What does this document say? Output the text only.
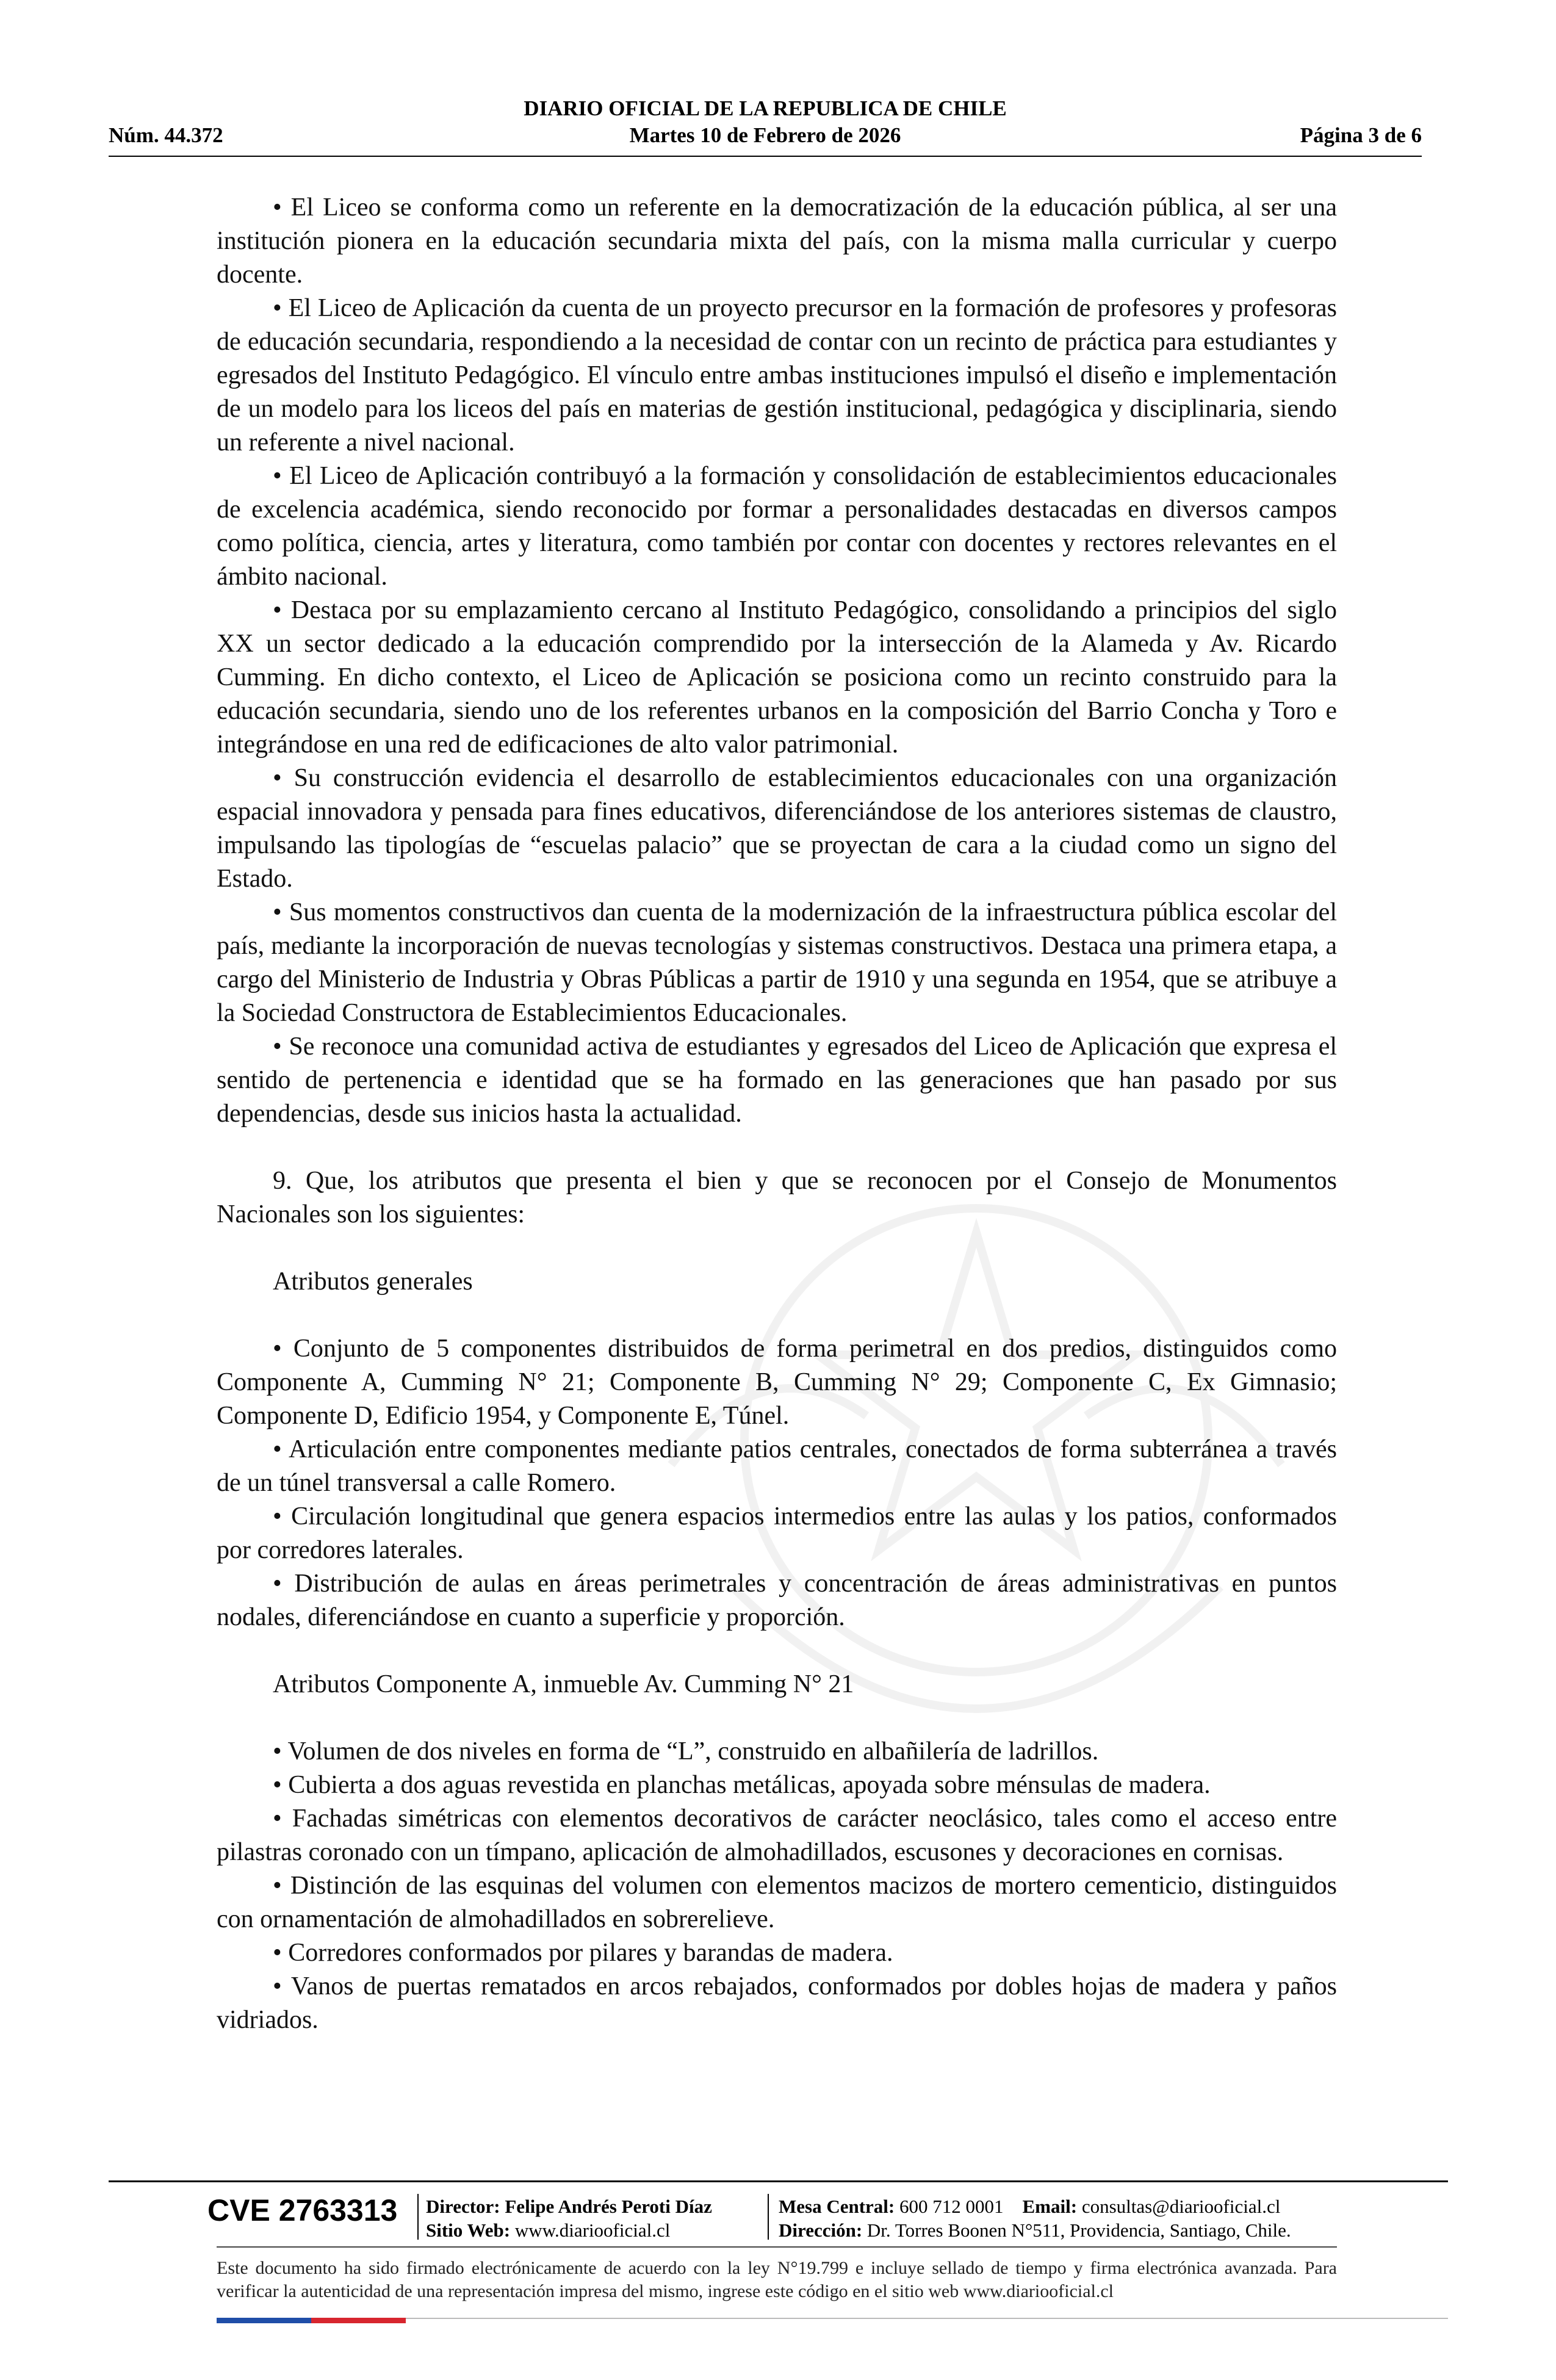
DIARIO OFICIAL DE LA REPUBLICA DE CHILE
Núm. 44.372	Martes 10 de Febrero de 2026	Página 3 de 6

• El Liceo se conforma como un referente en la democratización de la educación pública, al ser una institución pionera en la educación secundaria mixta del país, con la misma malla curricular y cuerpo docente.

• El Liceo de Aplicación da cuenta de un proyecto precursor en la formación de profesores y profesoras de educación secundaria, respondiendo a la necesidad de contar con un recinto de práctica para estudiantes y egresados del Instituto Pedagógico. El vínculo entre ambas instituciones impulsó el diseño e implementación de un modelo para los liceos del país en materias de gestión institucional, pedagógica y disciplinaria, siendo un referente a nivel nacional.

• El Liceo de Aplicación contribuyó a la formación y consolidación de establecimientos educacionales de excelencia académica, siendo reconocido por formar a personalidades destacadas en diversos campos como política, ciencia, artes y literatura, como también por contar con docentes y rectores relevantes en el ámbito nacional.

• Destaca por su emplazamiento cercano al Instituto Pedagógico, consolidando a principios del siglo XX un sector dedicado a la educación comprendido por la intersección de la Alameda y Av. Ricardo Cumming. En dicho contexto, el Liceo de Aplicación se posiciona como un recinto construido para la educación secundaria, siendo uno de los referentes urbanos en la composición del Barrio Concha y Toro e integrándose en una red de edificaciones de alto valor patrimonial.

• Su construcción evidencia el desarrollo de establecimientos educacionales con una organización espacial innovadora y pensada para fines educativos, diferenciándose de los anteriores sistemas de claustro, impulsando las tipologías de “escuelas palacio” que se proyectan de cara a la ciudad como un signo del Estado.

• Sus momentos constructivos dan cuenta de la modernización de la infraestructura pública escolar del país, mediante la incorporación de nuevas tecnologías y sistemas constructivos. Destaca una primera etapa, a cargo del Ministerio de Industria y Obras Públicas a partir de 1910 y una segunda en 1954, que se atribuye a la Sociedad Constructora de Establecimientos Educacionales.

• Se reconoce una comunidad activa de estudiantes y egresados del Liceo de Aplicación que expresa el sentido de pertenencia e identidad que se ha formado en las generaciones que han pasado por sus dependencias, desde sus inicios hasta la actualidad.

9. Que, los atributos que presenta el bien y que se reconocen por el Consejo de Monumentos Nacionales son los siguientes:

Atributos generales

• Conjunto de 5 componentes distribuidos de forma perimetral en dos predios, distinguidos como Componente A, Cumming N° 21; Componente B, Cumming N° 29; Componente C, Ex Gimnasio; Componente D, Edificio 1954, y Componente E, Túnel.

• Articulación entre componentes mediante patios centrales, conectados de forma subterránea a través de un túnel transversal a calle Romero.

• Circulación longitudinal que genera espacios intermedios entre las aulas y los patios, conformados por corredores laterales.

• Distribución de aulas en áreas perimetrales y concentración de áreas administrativas en puntos nodales, diferenciándose en cuanto a superficie y proporción.

Atributos Componente A, inmueble Av. Cumming N° 21

• Volumen de dos niveles en forma de “L”, construido en albañilería de ladrillos.

• Cubierta a dos aguas revestida en planchas metálicas, apoyada sobre ménsulas de madera.

• Fachadas simétricas con elementos decorativos de carácter neoclásico, tales como el acceso entre pilastras coronado con un tímpano, aplicación de almohadillados, escusones y decoraciones en cornisas.

• Distinción de las esquinas del volumen con elementos macizos de mortero cementicio, distinguidos con ornamentación de almohadillados en sobrerelieve.

• Corredores conformados por pilares y barandas de madera.

• Vanos de puertas rematados en arcos rebajados, conformados por dobles hojas de madera y paños vidriados.

CVE 2763313 Director: Felipe Andrés Peroti Díaz
Sitio Web: www.diariooficial.cl
Mesa Central: 600 712 0001 Email: consultas@diariooficial.cl
Dirección: Dr. Torres Boonen N°511, Providencia, Santiago, Chile.
Este documento ha sido firmado electrónicamente de acuerdo con la ley N°19.799 e incluye sellado de tiempo y firma electrónica avanzada. Para verificar la autenticidad de una representación impresa del mismo, ingrese este código en el sitio web www.diariooficial.cl
